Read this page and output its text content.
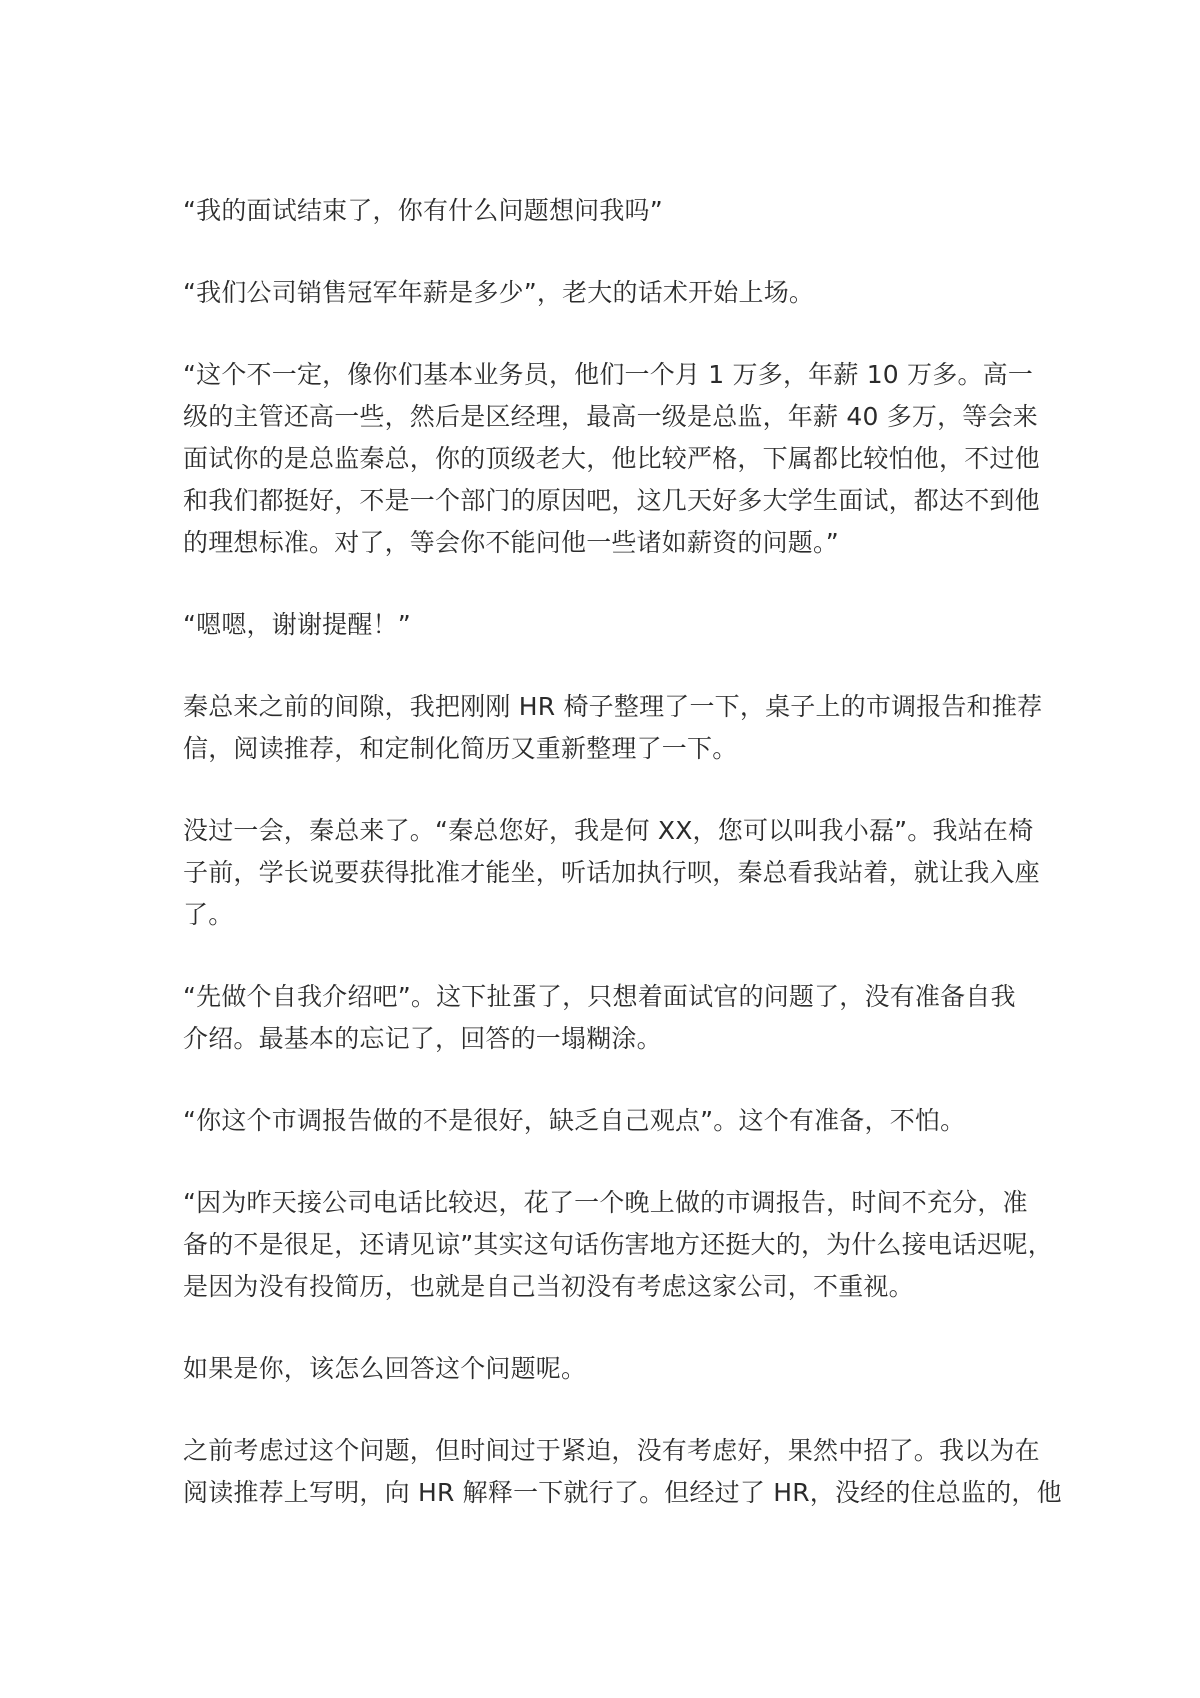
“我的面试结束了，你有什么问题想问我吗”

“我们公司销售冠军年薪是多少”，老大的话术开始上场。

“这个不一定，像你们基本业务员，他们一个月 1 万多，年薪 10 万多。高一
级的主管还高一些，然后是区经理，最高一级是总监，年薪 40 多万，等会来
面试你的是总监秦总，你的顶级老大，他比较严格，下属都比较怕他，不过他
和我们都挺好，不是一个部门的原因吧，这几天好多大学生面试，都达不到他
的理想标准。对了，等会你不能问他一些诸如薪资的问题。”

“嗯嗯，谢谢提醒！”

秦总来之前的间隙，我把刚刚 HR 椅子整理了一下，桌子上的市调报告和推荐
信，阅读推荐，和定制化简历又重新整理了一下。

没过一会，秦总来了。“秦总您好，我是何 XX，您可以叫我小磊”。我站在椅
子前，学长说要获得批准才能坐，听话加执行呗，秦总看我站着，就让我入座
了。

“先做个自我介绍吧”。这下扯蛋了，只想着面试官的问题了，没有准备自我
介绍。最基本的忘记了，回答的一塌糊涂。

“你这个市调报告做的不是很好，缺乏自己观点”。这个有准备，不怕。

“因为昨天接公司电话比较迟，花了一个晚上做的市调报告，时间不充分，准
备的不是很足，还请见谅”其实这句话伤害地方还挺大的，为什么接电话迟呢，
是因为没有投简历，也就是自己当初没有考虑这家公司，不重视。

如果是你，该怎么回答这个问题呢。

之前考虑过这个问题，但时间过于紧迫，没有考虑好，果然中招了。我以为在
阅读推荐上写明，向 HR 解释一下就行了。但经过了 HR，没经的住总监的，他
